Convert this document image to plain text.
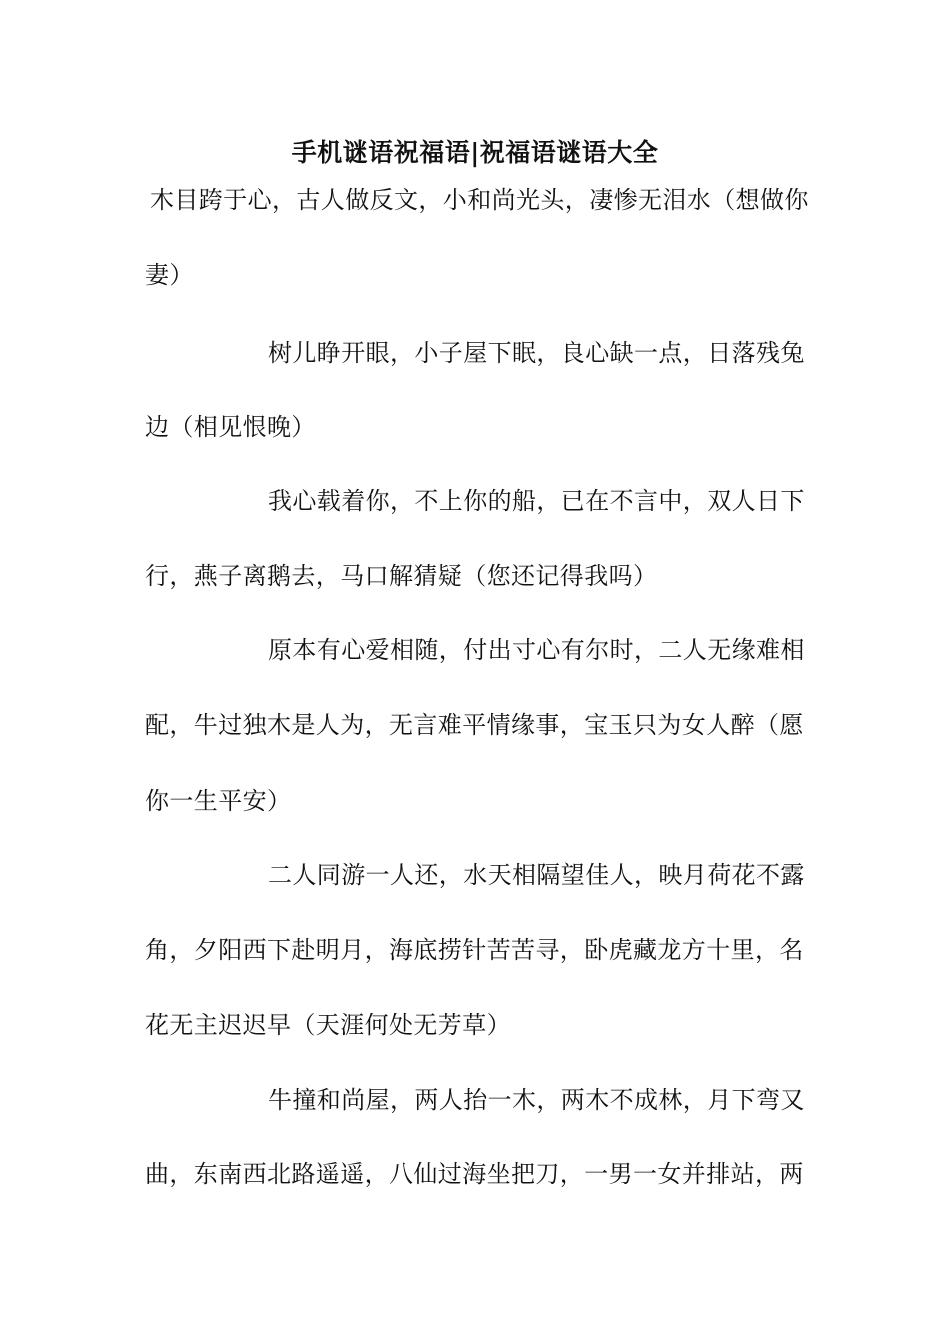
手机谜语祝福语|祝福语谜语大全
木目跨于心，古人做反文，小和尚光头，凄惨无泪水（想做你
妻）
树儿睁开眼，小子屋下眠，良心缺一点，日落残兔
边（相见恨晚）
我心载着你，不上你的船，已在不言中，双人日下
行，燕子离鹅去，马口解猜疑（您还记得我吗）
原本有心爱相随，付出寸心有尔时，二人无缘难相
配，牛过独木是人为，无言难平情缘事，宝玉只为女人醉（愿
你一生平安）
二人同游一人还，水天相隔望佳人，映月荷花不露
角，夕阳西下赴明月，海底捞针苦苦寻，卧虎藏龙方十里，名
花无主迟迟早（天涯何处无芳草）
牛撞和尚屋，两人抬一木，两木不成林，月下弯又
曲，东南西北路遥遥，八仙过海坐把刀，一男一女并排站，两
